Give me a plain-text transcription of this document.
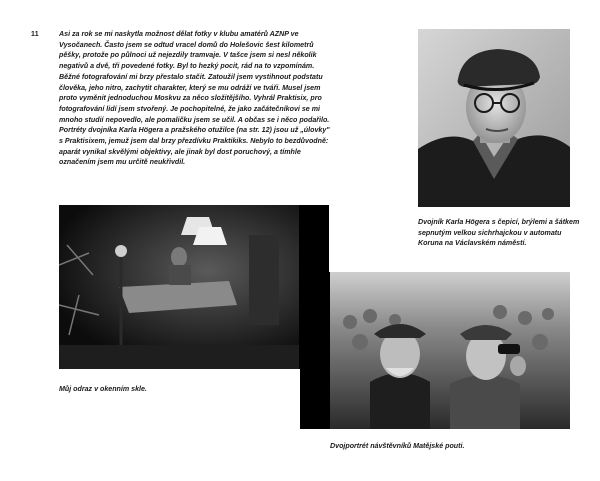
11	Asi za rok se mi naskytla možnost dělat fotky v klubu amatérů AZNP ve
Vysočanech. Často jsem se odtud vracel domů do Holešovic šest kilometrů
pěšky, protože po půlnoci už nejezdily tramvaje. V tašce jsem si nesl několik
negativů a dvě, tři povedené fotky. Byl to hezký pocit, rád na to vzpomínám.
Běžné fotografování mi brzy přestalo stačit. Zatoužil jsem vystihnout podstatu
člověka, jeho nitro, zachytit charakter, který se mu odráží ve tváři. Musel jsem
proto vyměnit jednoduchou Moskvu za něco složitějšího. Vyhrál Praktisix, pro
fotografování lidí jsem stvořený. Je pochopitelné, že jako začátečníkovi se mi
mnoho studií nepovedlo, ale pomaličku jsem se učil. A občas se i něco podařilo.
Portréty dvojníka Karla Högera a pražského otužilce (na str. 12) jsou už „úlovky"
s Praktisixem, jemuž jsem dal brzy přezdívku Praktikiks. Nebylo to bezdůvodně:
aparát vynikal skvělými objektivy, ale jinak byl dost poruchový, a tímhle
označením jsem mu určitě neukřivdil.
Dvojník Karla Högera s čepicí, brýlemi a šátkem
sepnutým velkou sichrhajckou v automatu
Koruna na Václavském náměstí.
Můj odraz v okenním skle.
Dvojportrét návštěvníků Matějské pouti.
